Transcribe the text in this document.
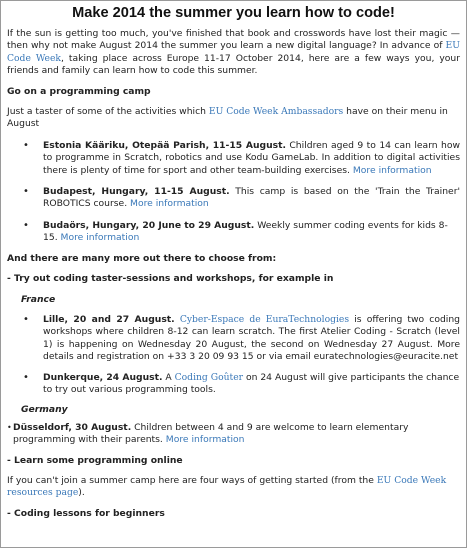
Make 2014 the summer you learn how to code!

If the sun is getting too much, you've finished that book and crosswords have lost their magic — then why not make August 2014 the summer you learn a new digital language? In advance of EU Code Week, taking place across Europe 11-17 October 2014, here are a few ways you, your friends and family can learn how to code this summer.

Go on a programming camp

Just a taster of some of the activities which EU Code Week Ambassadors have on their menu in August

• Estonia Kääriku, Otepää Parish, 11-15 August. Children aged 9 to 14 can learn how to programme in Scratch, robotics and use Kodu GameLab. In addition to digital activities there is plenty of time for sport and other team-building exercises. More information
• Budapest, Hungary, 11-15 August. This camp is based on the 'Train the Trainer' ROBOTICS course. More information
• Budaörs, Hungary, 20 June to 29 August. Weekly summer coding events for kids 8-15. More information

And there are many more out there to choose from:

- Try out coding taster-sessions and workshops, for example in

France

• Lille, 20 and 27 August. Cyber-Espace de EuraTechnologies is offering two coding workshops where children 8-12 can learn scratch. The first Atelier Coding - Scratch (level 1) is happening on Wednesday 20 August, the second on Wednesday 27 August. More details and registration on +33 3 20 09 93 15 or via email euratechnologies@euracite.net
• Dunkerque, 24 August. A Coding Goûter on 24 August will give participants the chance to try out various programming tools.

Germany

• Düsseldorf, 30 August. Children between 4 and 9 are welcome to learn elementary programming with their parents. More information

- Learn some programming online

If you can't join a summer camp here are four ways of getting started (from the EU Code Week resources page).

- Coding lessons for beginners
